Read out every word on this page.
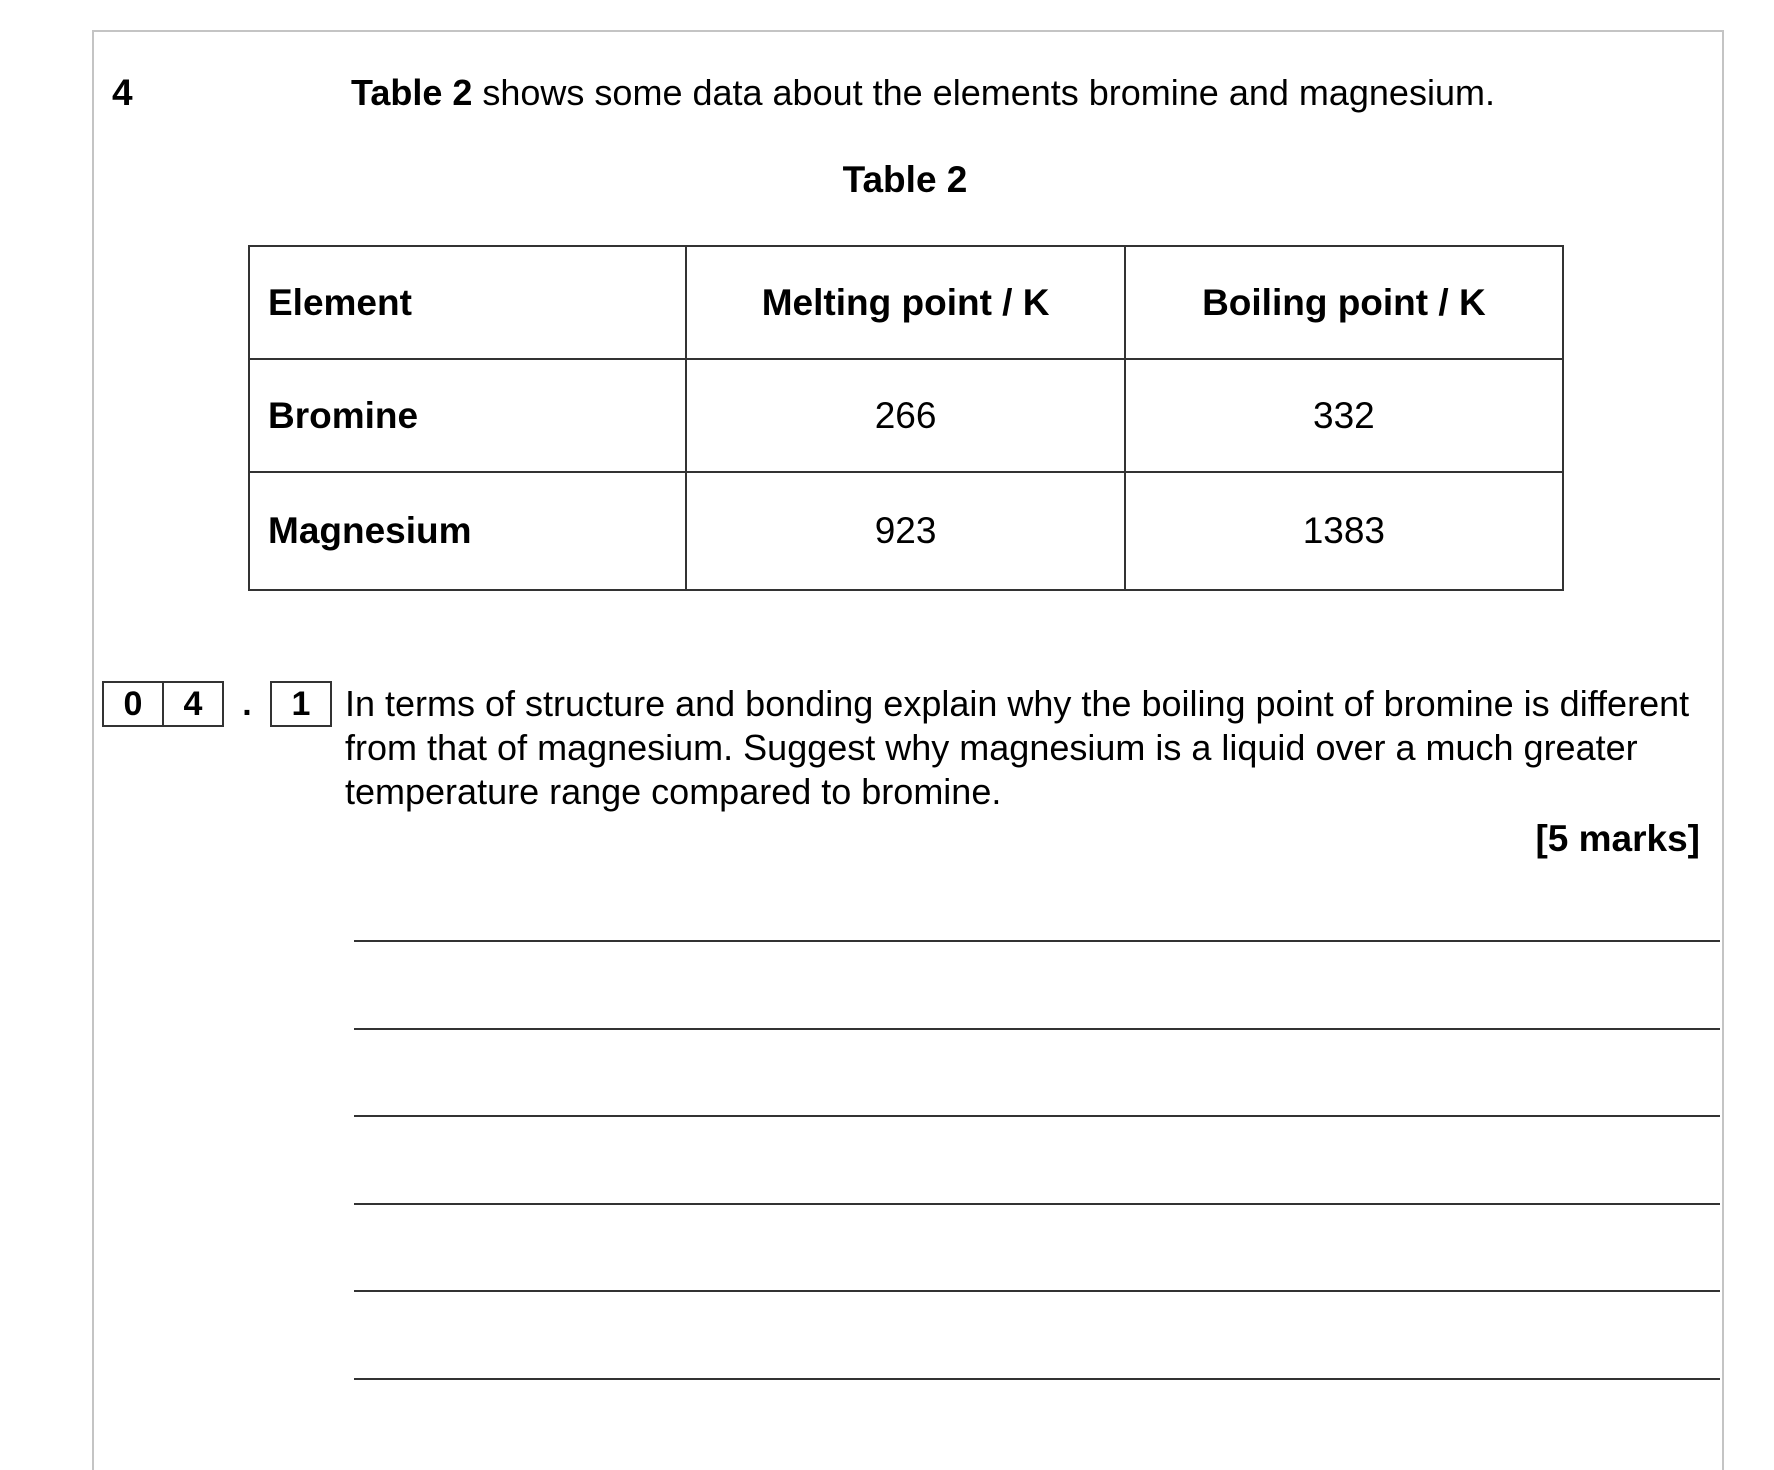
4	Table 2 shows some data about the elements bromine and magnesium.
Table 2
Element	Melting point / K	Boiling point / K
Bromine	266	332
Magnesium	923	1383
0	4	.	1 In terms of structure and bonding explain why the boiling point of bromine is different from that of magnesium. Suggest why magnesium is a liquid over a much greater temperature range compared to bromine.
[5 marks]
